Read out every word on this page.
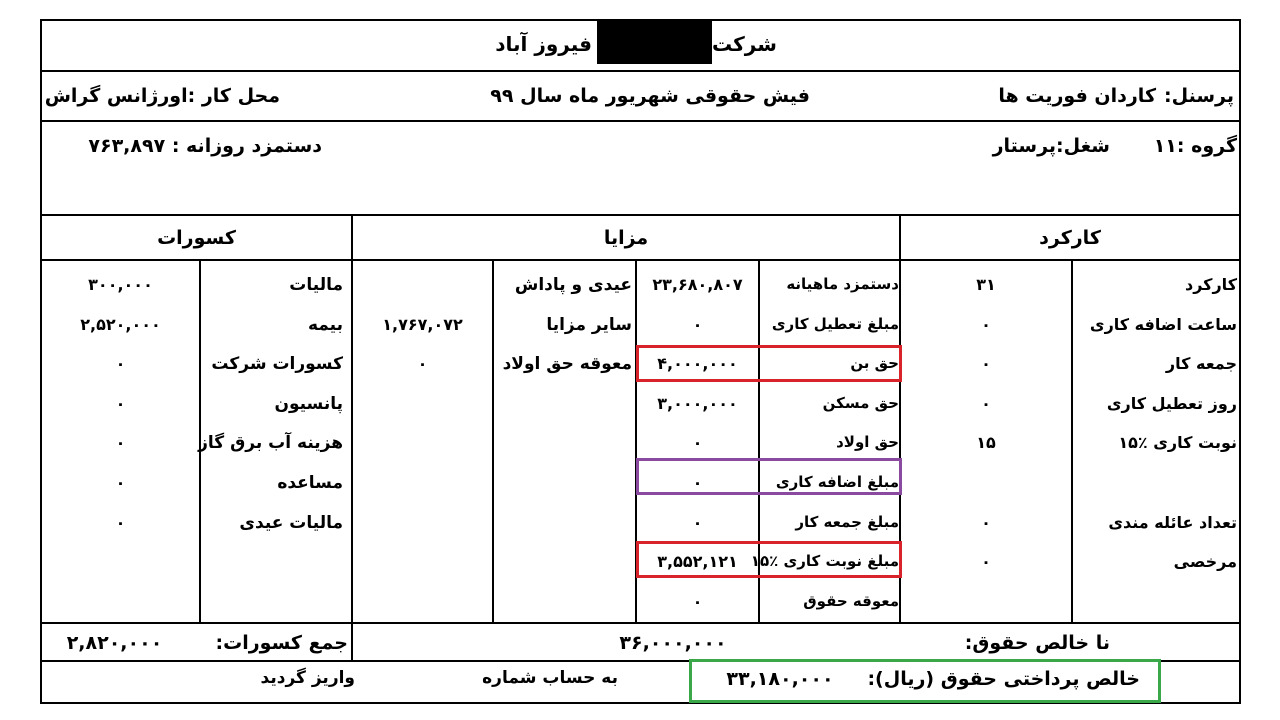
شرکت
فیروز آباد
پرسنل:
کاردان فوریت ها
فیش حقوقی شهریور ماه سال ۹۹
محل کار :اورژانس گراش
گروه :۱۱
شغل:پرستار
دستمزد روزانه : ۷۶۳,۸۹۷
کارکرد
مزایا
کسورات
کارکرد
۳۱
ساعت اضافه کاری
۰
جمعه کار
۰
روز تعطیل کاری
۰
نوبت کاری ٪۱۵
۱۵
تعداد عائله مندی
۰
مرخصی
۰
دستمزد ماهیانه
۲۳,۶۸۰,۸۰۷
مبلغ تعطیل کاری
۰
حق بن
۴,۰۰۰,۰۰۰
حق مسکن
۳,۰۰۰,۰۰۰
حق اولاد
۰
مبلغ اضافه کاری
۰
مبلغ جمعه کار
۰
مبلغ نوبت کاری ٪۱۵
۳,۵۵۲,۱۲۱
معوقه حقوق
۰
عیدی و پاداش
سایر مزایا
۱,۷۶۷,۰۷۲
معوقه حق اولاد
۰
مالیات
۳۰۰,۰۰۰
بیمه
۲,۵۲۰,۰۰۰
کسورات شرکت
۰
پانسیون
۰
هزینه آب برق گاز
۰
مساعده
۰
مالیات عیدی
۰
نا خالص حقوق:
۳۶,۰۰۰,۰۰۰
جمع کسورات:
۲,۸۲۰,۰۰۰
خالص پرداختی حقوق (ریال):
۳۳,۱۸۰,۰۰۰
به حساب شماره
واریز گردید
